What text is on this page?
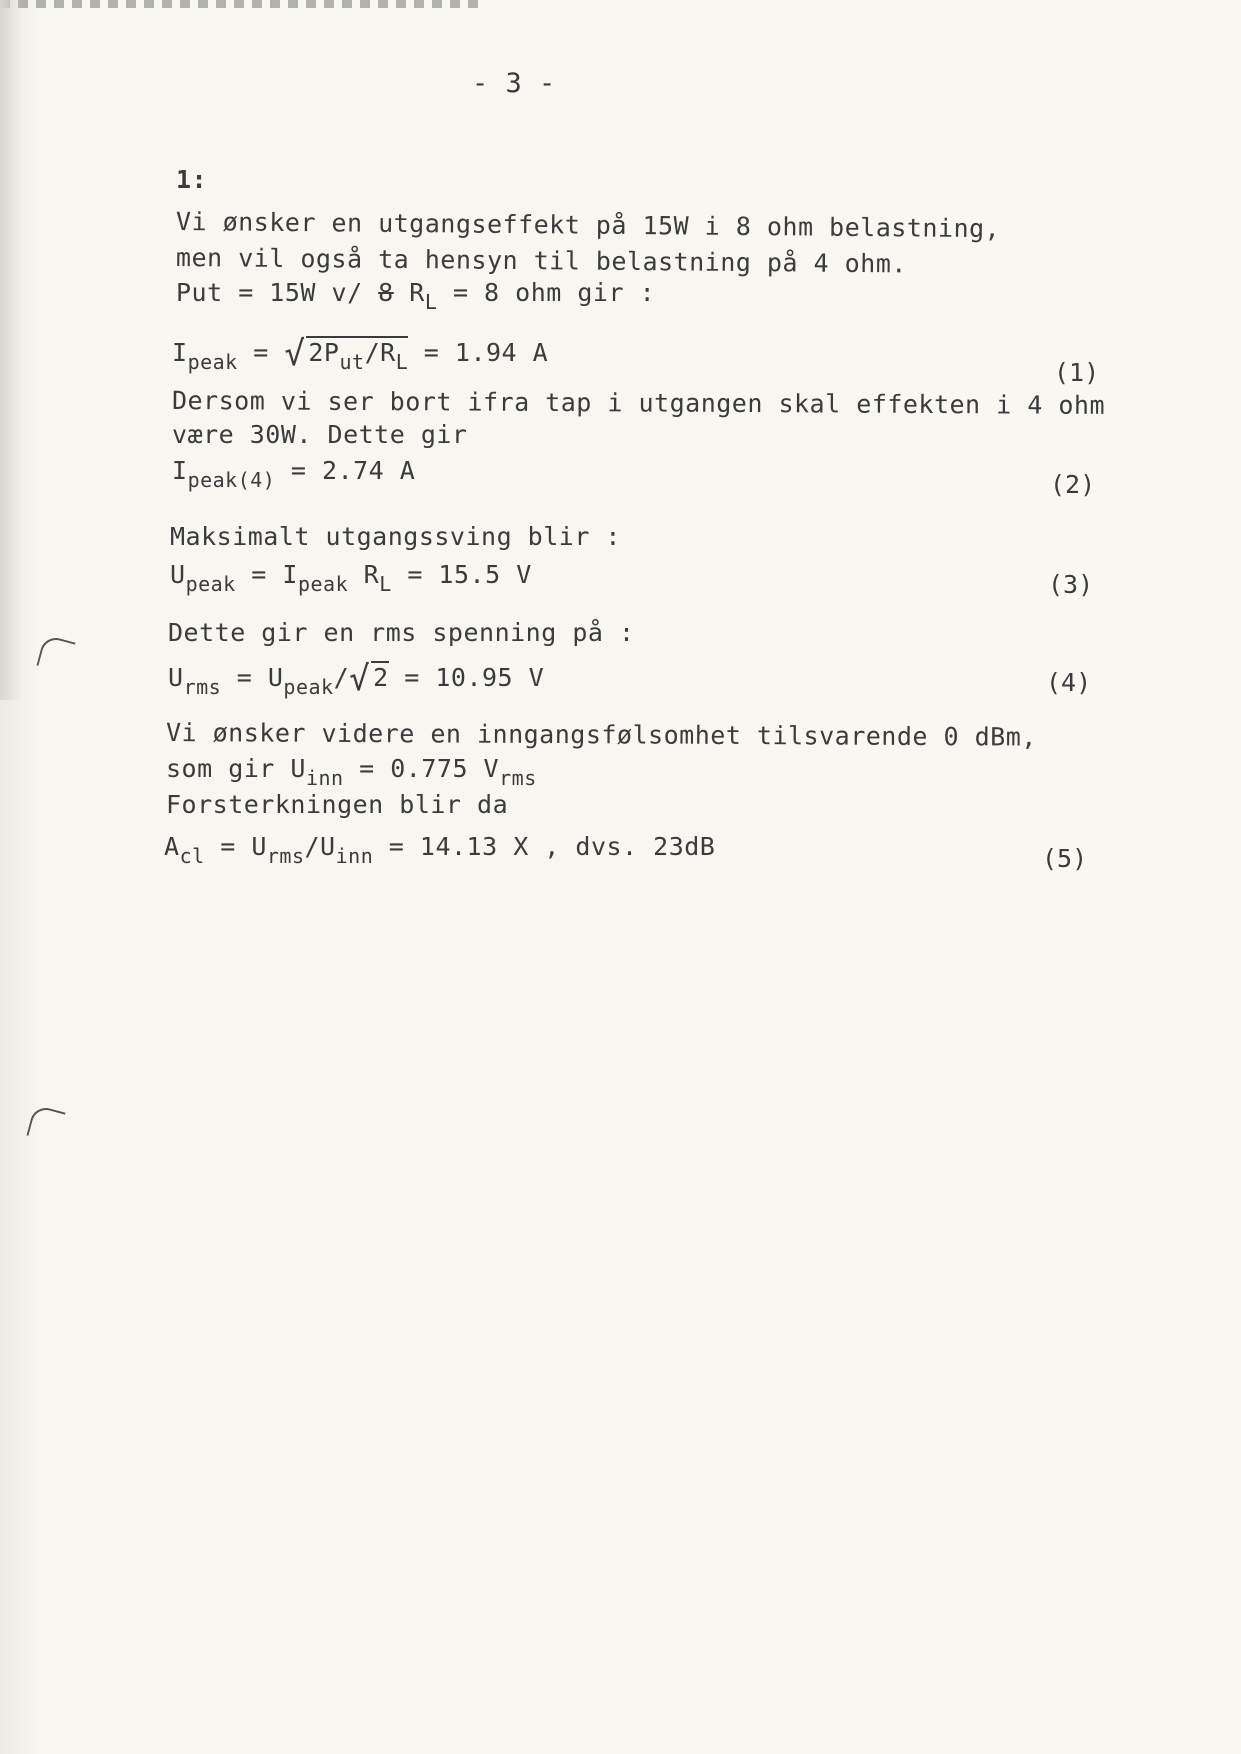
- 3 -
1:
Vi ønsker en utgangseffekt på 15W i 8 ohm belastning,
men vil også ta hensyn til belastning på 4 ohm.
Put = 15W v/ 8 $R_L = 8$ ohm gir :
$I_{peak}$ = √ $2P_{ut}/R_L = 1.94$ A
(1)
Dersom vi ser bort ifra tap i utgangen skal effekten i 4 ohm
være 30W. Dette gir
$I_{peak(4)} = 2.74$ A	(2)
Maksimalt utgangssving blir :
$U_{peak} = I_{peak}$ $R_L = 15.5$ V	(3)
Dette gir en rms spenning på :
$U_{rms} = U_{peak}/√$ 2 = 10.95 V	(4)
Vi ønsker videre en inngangsfølsomhet tilsvarende 0 dBm,
som gir $U_{inn} = 0.775$ $V_{rms}$
Forsterkningen blir da
$A_{cl} = U_{rms}/U_{inn} = 14.13$ X , dvs. 23dB	(5)
